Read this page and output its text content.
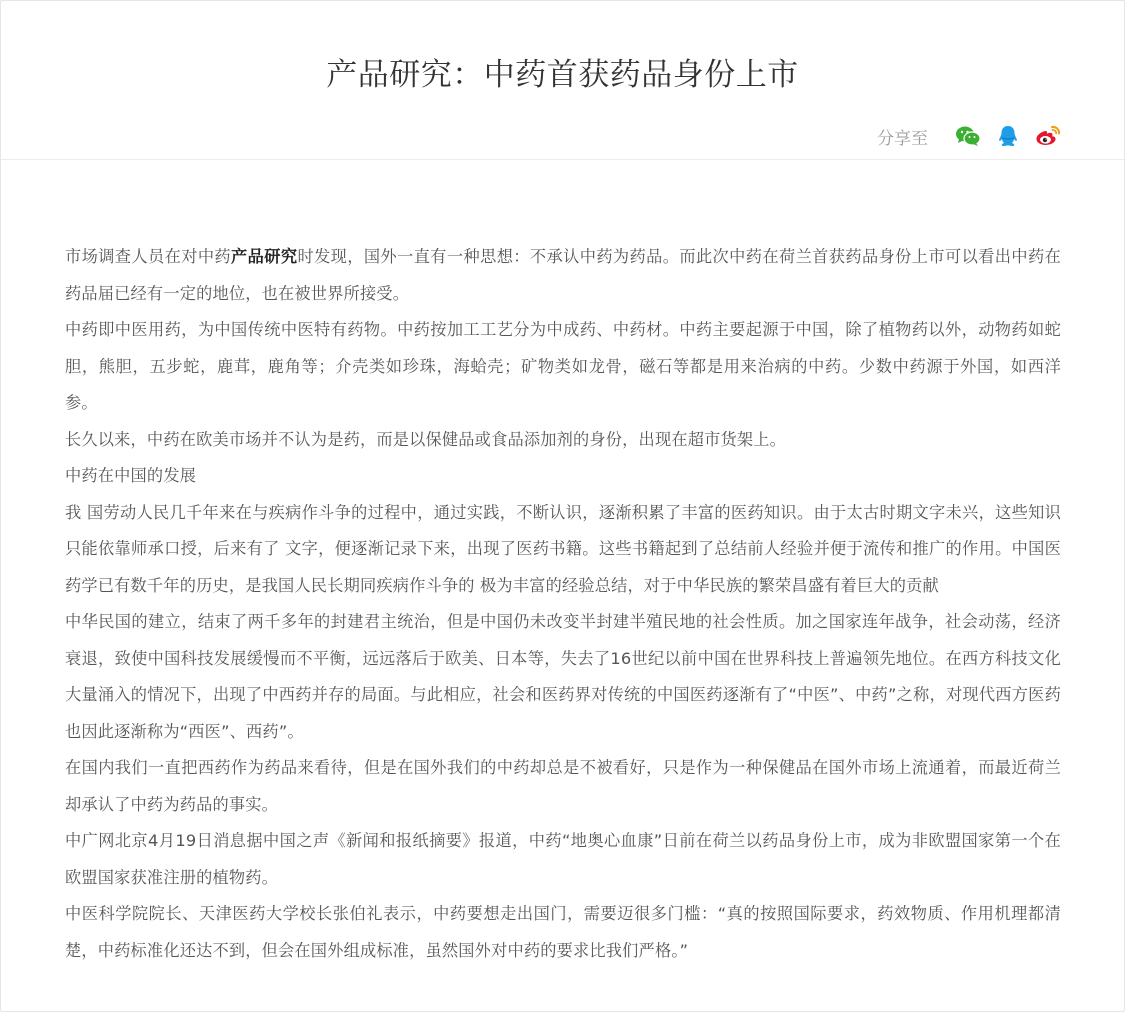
产品研究：中药首获药品身份上市
分享至

市场调查人员在对中药产品研究时发现，国外一直有一种思想：不承认中药为药品。而此次中药在荷兰首获药品身份上市可以看出中药在药品届已经有一定的地位，也在被世界所接受。

中药即中医用药，为中国传统中医特有药物。中药按加工工艺分为中成药、中药材。中药主要起源于中国，除了植物药以外，动物药如蛇胆，熊胆，五步蛇，鹿茸，鹿角等；介壳类如珍珠，海蛤壳；矿物类如龙骨，磁石等都是用来治病的中药。少数中药源于外国，如西洋参。

长久以来，中药在欧美市场并不认为是药，而是以保健品或食品添加剂的身份，出现在超市货架上。

中药在中国的发展

我 国劳动人民几千年来在与疾病作斗争的过程中，通过实践，不断认识，逐渐积累了丰富的医药知识。由于太古时期文字未兴，这些知识只能依靠师承口授，后来有了 文字，便逐渐记录下来，出现了医药书籍。这些书籍起到了总结前人经验并便于流传和推广的作用。中国医药学已有数千年的历史，是我国人民长期同疾病作斗争的 极为丰富的经验总结，对于中华民族的繁荣昌盛有着巨大的贡献

中华民国的建立，结束了两千多年的封建君主统治，但是中国仍未改变半封建半殖民地的社会性质。加之国家连年战争，社会动荡，经济衰退，致使中国科技发展缓慢而不平衡，远远落后于欧美、日本等，失去了16世纪以前中国在世界科技上普遍领先地位。在西方科技文化大量涌入的情况下，出现了中西药并存的局面。与此相应，社会和医药界对传统的中国医药逐渐有了“中医”、中药”之称，对现代西方医药也因此逐渐称为“西医”、西药”。

在国内我们一直把西药作为药品来看待，但是在国外我们的中药却总是不被看好，只是作为一种保健品在国外市场上流通着，而最近荷兰却承认了中药为药品的事实。

中广网北京4月19日消息据中国之声《新闻和报纸摘要》报道，中药“地奥心血康”日前在荷兰以药品身份上市，成为非欧盟国家第一个在欧盟国家获准注册的植物药。

中医科学院院长、天津医药大学校长张伯礼表示，中药要想走出国门，需要迈很多门槛：“真的按照国际要求，药效物质、作用机理都清楚，中药标准化还达不到，但会在国外组成标准，虽然国外对中药的要求比我们严格。”
